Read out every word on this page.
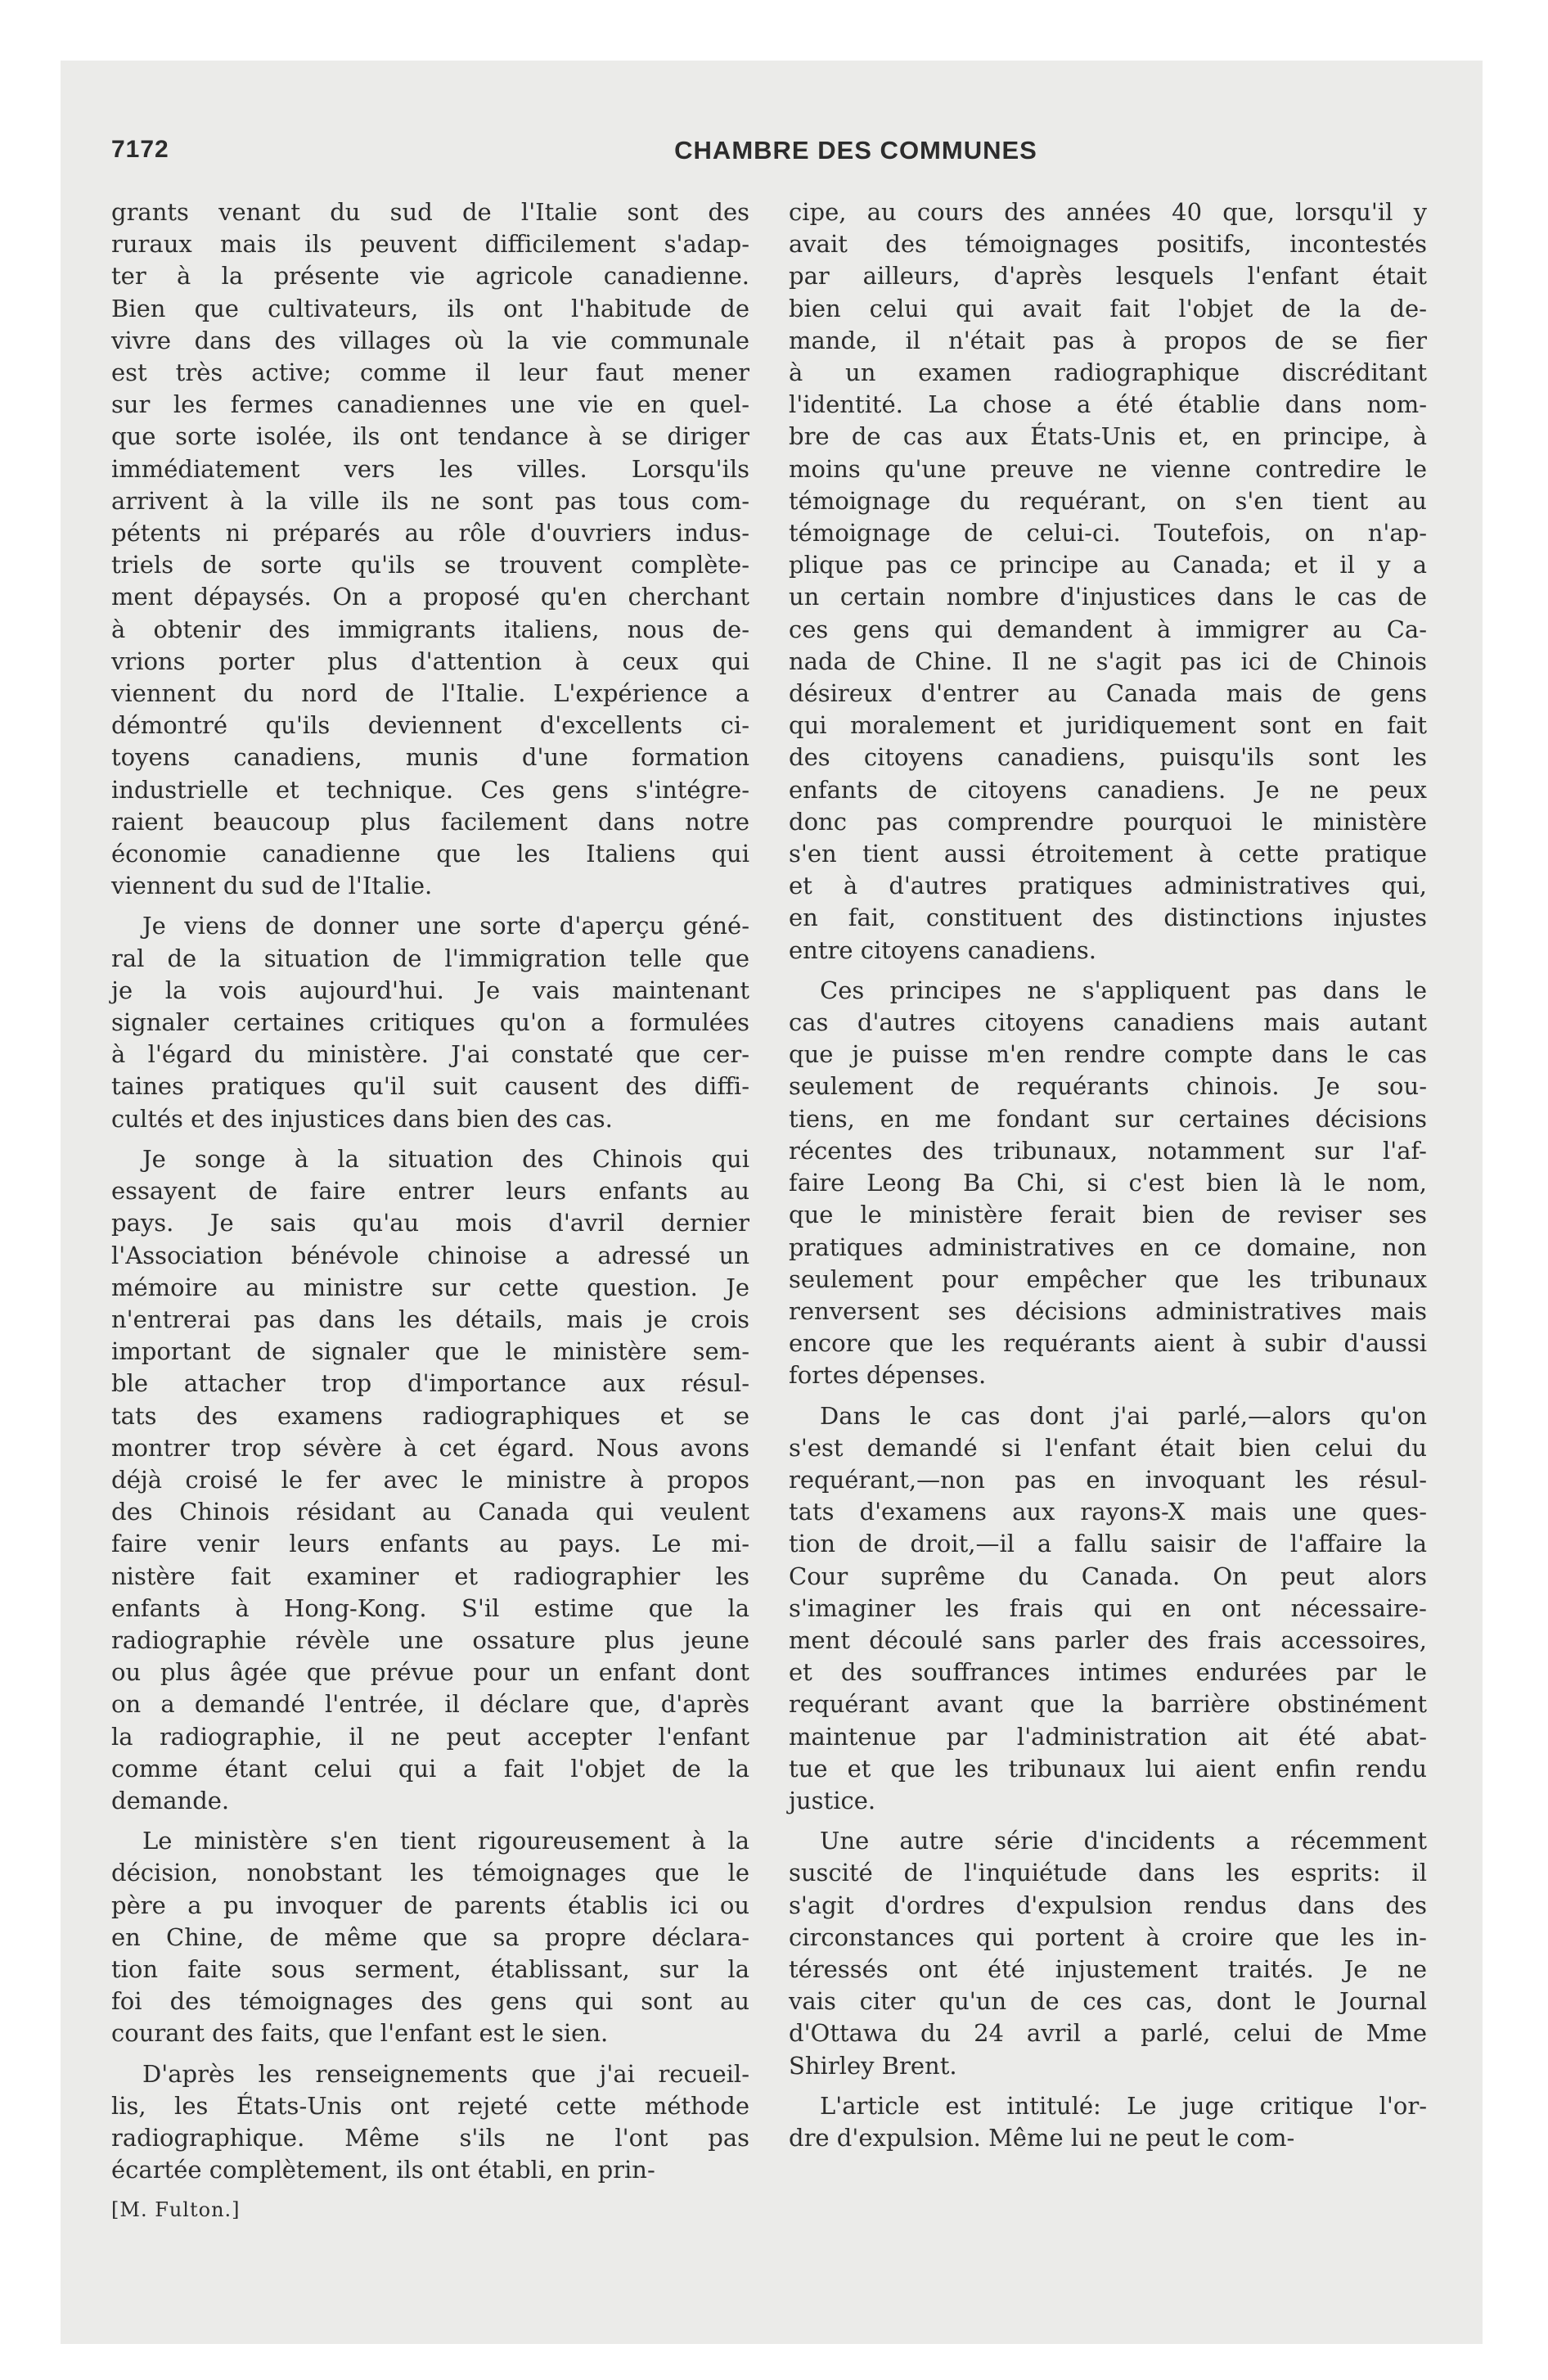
7172	CHAMBRE DES COMMUNES
grants venant du sud de l'Italie sont des
ruraux mais ils peuvent difficilement s'adap-
ter à la présente vie agricole canadienne.
Bien que cultivateurs, ils ont l'habitude de
vivre dans des villages où la vie communale
est très active; comme il leur faut mener
sur les fermes canadiennes une vie en quel-
que sorte isolée, ils ont tendance à se diriger
immédiatement vers les villes. Lorsqu'ils
arrivent à la ville ils ne sont pas tous com-
pétents ni préparés au rôle d'ouvriers indus-
triels de sorte qu'ils se trouvent complète-
ment dépaysés. On a proposé qu'en cherchant
à obtenir des immigrants italiens, nous de-
vrions porter plus d'attention à ceux qui
viennent du nord de l'Italie. L'expérience a
démontré qu'ils deviennent d'excellents ci-
toyens canadiens, munis d'une formation
industrielle et technique. Ces gens s'intégre-
raient beaucoup plus facilement dans notre
économie canadienne que les Italiens qui
viennent du sud de l'Italie.
Je viens de donner une sorte d'aperçu géné-
ral de la situation de l'immigration telle que
je la vois aujourd'hui. Je vais maintenant
signaler certaines critiques qu'on a formulées
à l'égard du ministère. J'ai constaté que cer-
taines pratiques qu'il suit causent des diffi-
cultés et des injustices dans bien des cas.
Je songe à la situation des Chinois qui
essayent de faire entrer leurs enfants au
pays. Je sais qu'au mois d'avril dernier
l'Association bénévole chinoise a adressé un
mémoire au ministre sur cette question. Je
n'entrerai pas dans les détails, mais je crois
important de signaler que le ministère sem-
ble attacher trop d'importance aux résul-
tats des examens radiographiques et se
montrer trop sévère à cet égard. Nous avons
déjà croisé le fer avec le ministre à propos
des Chinois résidant au Canada qui veulent
faire venir leurs enfants au pays. Le mi-
nistère fait examiner et radiographier les
enfants à Hong-Kong. S'il estime que la
radiographie révèle une ossature plus jeune
ou plus âgée que prévue pour un enfant dont
on a demandé l'entrée, il déclare que, d'après
la radiographie, il ne peut accepter l'enfant
comme étant celui qui a fait l'objet de la
demande.
Le ministère s'en tient rigoureusement à la
décision, nonobstant les témoignages que le
père a pu invoquer de parents établis ici ou
en Chine, de même que sa propre déclara-
tion faite sous serment, établissant, sur la
foi des témoignages des gens qui sont au
courant des faits, que l'enfant est le sien.
D'après les renseignements que j'ai recueil-
lis, les États-Unis ont rejeté cette méthode
radiographique. Même s'ils ne l'ont pas
écartée complètement, ils ont établi, en prin-
[M. Fulton.]
cipe, au cours des années 40 que, lorsqu'il y
avait des témoignages positifs, incontestés
par ailleurs, d'après lesquels l'enfant était
bien celui qui avait fait l'objet de la de-
mande, il n'était pas à propos de se fier
à un examen radiographique discréditant
l'identité. La chose a été établie dans nom-
bre de cas aux États-Unis et, en principe, à
moins qu'une preuve ne vienne contredire le
témoignage du requérant, on s'en tient au
témoignage de celui-ci. Toutefois, on n'ap-
plique pas ce principe au Canada; et il y a
un certain nombre d'injustices dans le cas de
ces gens qui demandent à immigrer au Ca-
nada de Chine. Il ne s'agit pas ici de Chinois
désireux d'entrer au Canada mais de gens
qui moralement et juridiquement sont en fait
des citoyens canadiens, puisqu'ils sont les
enfants de citoyens canadiens. Je ne peux
donc pas comprendre pourquoi le ministère
s'en tient aussi étroitement à cette pratique
et à d'autres pratiques administratives qui,
en fait, constituent des distinctions injustes
entre citoyens canadiens.
Ces principes ne s'appliquent pas dans le
cas d'autres citoyens canadiens mais autant
que je puisse m'en rendre compte dans le cas
seulement de requérants chinois. Je sou-
tiens, en me fondant sur certaines décisions
récentes des tribunaux, notamment sur l'af-
faire Leong Ba Chi, si c'est bien là le nom,
que le ministère ferait bien de reviser ses
pratiques administratives en ce domaine, non
seulement pour empêcher que les tribunaux
renversent ses décisions administratives mais
encore que les requérants aient à subir d'aussi
fortes dépenses.
Dans le cas dont j'ai parlé,—alors qu'on
s'est demandé si l'enfant était bien celui du
requérant,—non pas en invoquant les résul-
tats d'examens aux rayons-X mais une ques-
tion de droit,—il a fallu saisir de l'affaire la
Cour suprême du Canada. On peut alors
s'imaginer les frais qui en ont nécessaire-
ment découlé sans parler des frais accessoires,
et des souffrances intimes endurées par le
requérant avant que la barrière obstinément
maintenue par l'administration ait été abat-
tue et que les tribunaux lui aient enfin rendu
justice.
Une autre série d'incidents a récemment
suscité de l'inquiétude dans les esprits: il
s'agit d'ordres d'expulsion rendus dans des
circonstances qui portent à croire que les in-
téressés ont été injustement traités. Je ne
vais citer qu'un de ces cas, dont le Journal
d'Ottawa du 24 avril a parlé, celui de Mme
Shirley Brent.
L'article est intitulé: Le juge critique l'or-
dre d'expulsion. Même lui ne peut le com-
